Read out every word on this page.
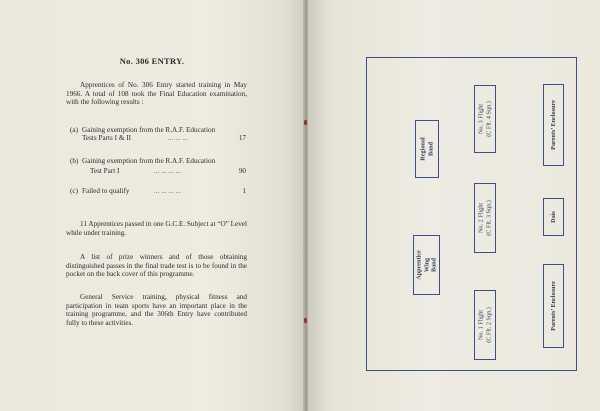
No. 306 ENTRY.
Apprentices of No. 306 Entry started training in May 1966. A total of 108 took the Final Education examination, with the following results :
(a) Gaining exemption from the R.A.F. Education
Tests Parts I & II	... ... ...	17
(b) Gaining exemption from the R.A.F. Education
Test Part I	... ... ... ...	90
(c) Failed to qualify	... ... ... ...	1
11 Apprentices passed in one G.C.E. Subject at “O” Level while under training.
A list of prize winners and of those obtaining distinguished passes in the final trade test is to be found in the pocket on the back cover of this programme.
General Service training, physical fitness and participation in team sports have an important place in the training programme, and the 306th Entry have contributed fully to these activities.
Regional Band
Apprentice Wing Band
No. 3 Flight (C Flt. 4 Sqn.)
No. 2 Flight (C Flt. 3 Sqn.)
No. 1 Flight (C Flt. 2 Sqn.)
Parents’ Enclosure
Dais
Parents’ Enclosure
